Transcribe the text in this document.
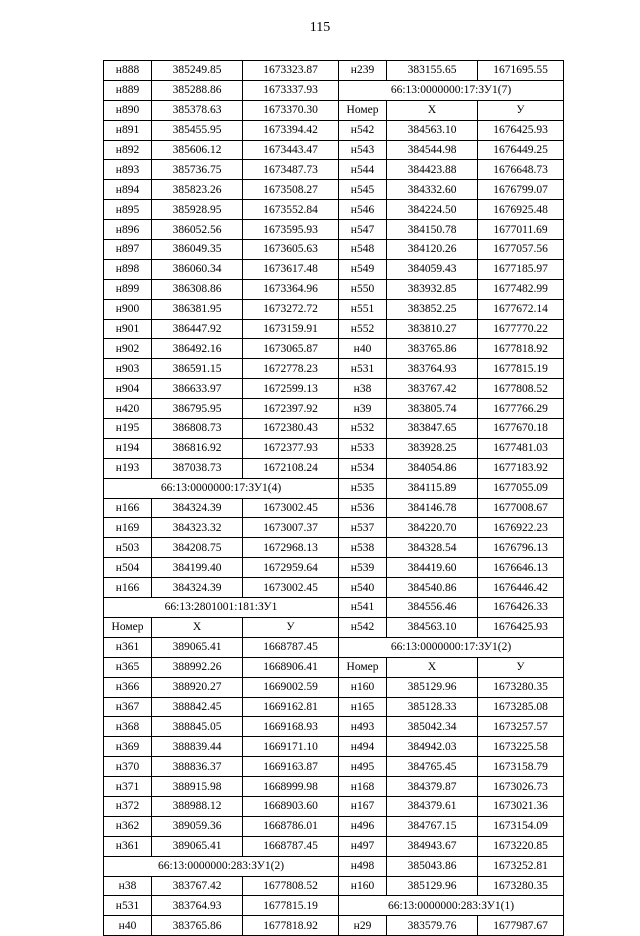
115
н888	385249.85	1673323.87	н239	383155.65	1671695.55
н889	385288.86	1673337.93	66:13:0000000:17:ЗУ1(7)		
н890	385378.63	1673370.30	Номер	X	У
н891	385455.95	1673394.42	н542	384563.10	1676425.93
н892	385606.12	1673443.47	н543	384544.98	1676449.25
н893	385736.75	1673487.73	н544	384423.88	1676648.73
н894	385823.26	1673508.27	н545	384332.60	1676799.07
н895	385928.95	1673552.84	н546	384224.50	1676925.48
н896	386052.56	1673595.93	н547	384150.78	1677011.69
н897	386049.35	1673605.63	н548	384120.26	1677057.56
н898	386060.34	1673617.48	н549	384059.43	1677185.97
н899	386308.86	1673364.96	н550	383932.85	1677482.99
н900	386381.95	1673272.72	н551	383852.25	1677672.14
н901	386447.92	1673159.91	н552	383810.27	1677770.22
н902	386492.16	1673065.87	н40	383765.86	1677818.92
н903	386591.15	1672778.23	н531	383764.93	1677815.19
н904	386633.97	1672599.13	н38	383767.42	1677808.52
н420	386795.95	1672397.92	н39	383805.74	1677766.29
н195	386808.73	1672380.43	н532	383847.65	1677670.18
н194	386816.92	1672377.93	н533	383928.25	1677481.03
н193	387038.73	1672108.24	н534	384054.86	1677183.92
66:13:0000000:17:ЗУ1(4)			н535	384115.89	1677055.09
н166	384324.39	1673002.45	н536	384146.78	1677008.67
н169	384323.32	1673007.37	н537	384220.70	1676922.23
н503	384208.75	1672968.13	н538	384328.54	1676796.13
н504	384199.40	1672959.64	н539	384419.60	1676646.13
н166	384324.39	1673002.45	н540	384540.86	1676446.42
66:13:2801001:181:ЗУ1			н541	384556.46	1676426.33
Номер	X	У	н542	384563.10	1676425.93
н361	389065.41	1668787.45	66:13:0000000:17:ЗУ1(2)		
н365	388992.26	1668906.41	Номер	X	У
н366	388920.27	1669002.59	н160	385129.96	1673280.35
н367	388842.45	1669162.81	н165	385128.33	1673285.08
н368	388845.05	1669168.93	н493	385042.34	1673257.57
н369	388839.44	1669171.10	н494	384942.03	1673225.58
н370	388836.37	1669163.87	н495	384765.45	1673158.79
н371	388915.98	1668999.98	н168	384379.87	1673026.73
н372	388988.12	1668903.60	н167	384379.61	1673021.36
н362	389059.36	1668786.01	н496	384767.15	1673154.09
н361	389065.41	1668787.45	н497	384943.67	1673220.85
66:13:0000000:283:ЗУ1(2)			н498	385043.86	1673252.81
н38	383767.42	1677808.52	н160	385129.96	1673280.35
н531	383764.93	1677815.19	66:13:0000000:283:ЗУ1(1)		
н40	383765.86	1677818.92	н29	383579.76	1677987.67
